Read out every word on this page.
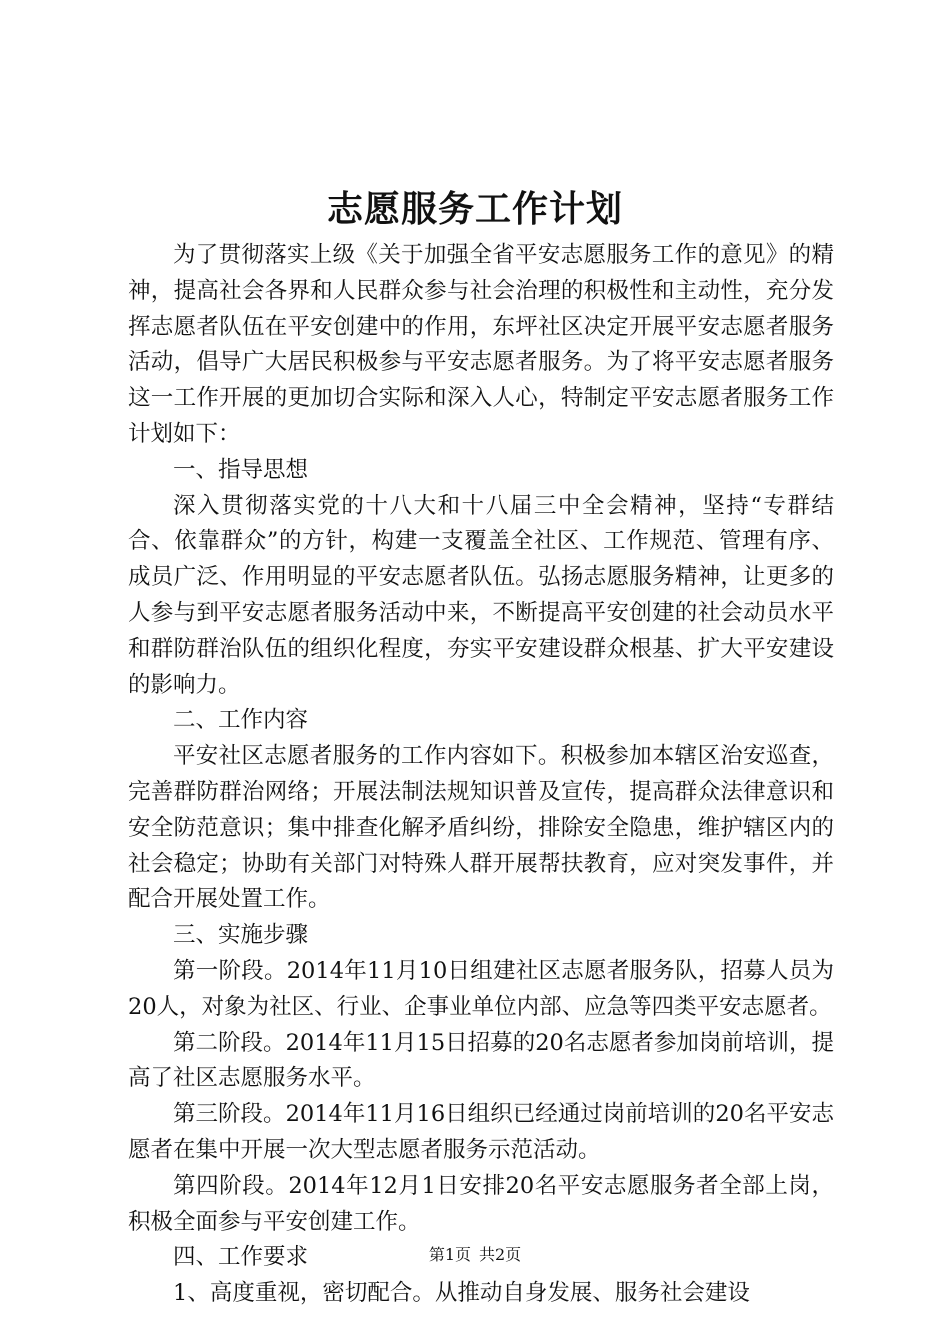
志愿服务工作计划

为了贯彻落实上级《关于加强全省平安志愿服务工作的意见》的精神，提高社会各界和人民群众参与社会治理的积极性和主动性，充分发挥志愿者队伍在平安创建中的作用，东坪社区决定开展平安志愿者服务活动，倡导广大居民积极参与平安志愿者服务。为了将平安志愿者服务这一工作开展的更加切合实际和深入人心，特制定平安志愿者服务工作计划如下：

一、指导思想

深入贯彻落实党的十八大和十八届三中全会精神，坚持“专群结合、依靠群众”的方针，构建一支覆盖全社区、工作规范、管理有序、成员广泛、作用明显的平安志愿者队伍。弘扬志愿服务精神，让更多的人参与到平安志愿者服务活动中来，不断提高平安创建的社会动员水平和群防群治队伍的组织化程度，夯实平安建设群众根基、扩大平安建设的影响力。

二、工作内容

平安社区志愿者服务的工作内容如下。积极参加本辖区治安巡查，完善群防群治网络；开展法制法规知识普及宣传，提高群众法律意识和安全防范意识；集中排查化解矛盾纠纷，排除安全隐患，维护辖区内的社会稳定；协助有关部门对特殊人群开展帮扶教育，应对突发事件，并配合开展处置工作。

三、实施步骤

第一阶段。2014年11月10日组建社区志愿者服务队，招募人员为20人，对象为社区、行业、企事业单位内部、应急等四类平安志愿者。

第二阶段。2014年11月15日招募的20名志愿者参加岗前培训，提高了社区志愿服务水平。

第三阶段。2014年11月16日组织已经通过岗前培训的20名平安志愿者在集中开展一次大型志愿者服务示范活动。

第四阶段。2014年12月1日安排20名平安志愿服务者全部上岗，积极全面参与平安创建工作。

四、工作要求

1、高度重视，密切配合。从推动自身发展、服务社会建设

第1页 共2页
